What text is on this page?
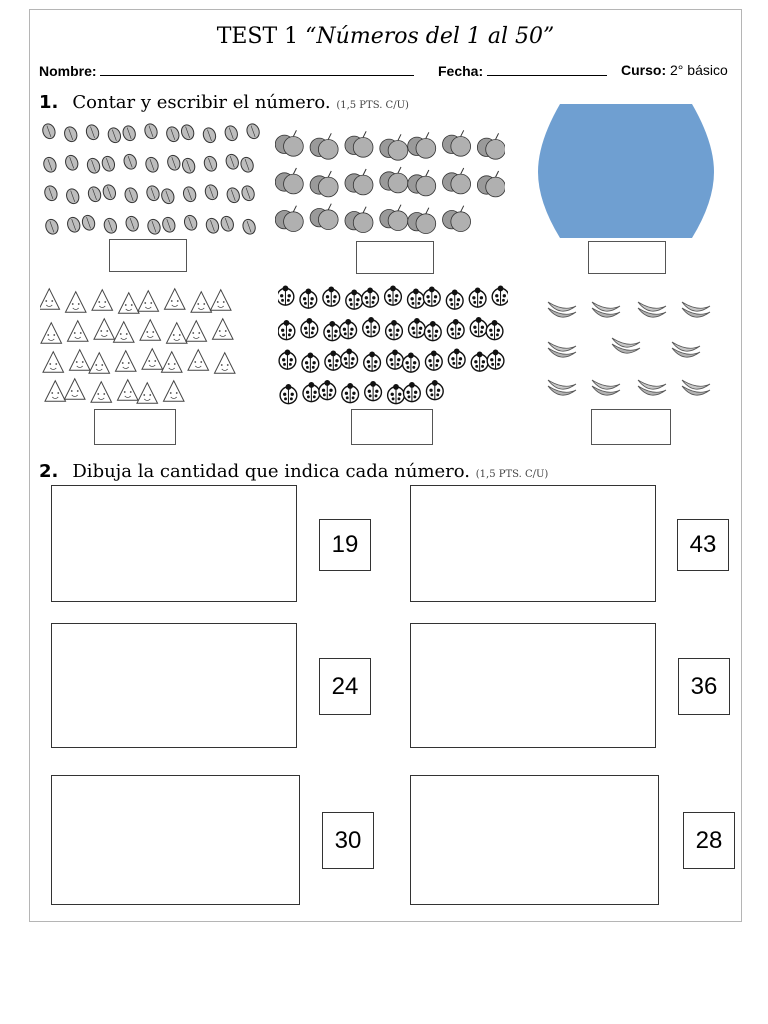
TEST 1 “Números del 1 al 50”
Nombre:	Fecha:	Curso: 2° básico
1. Contar y escribir el número. (1,5 PTS. C/U)
2. Dibuja la cantidad que indica cada número. (1,5 PTS. C/U)
19	43
24	36
30	28
